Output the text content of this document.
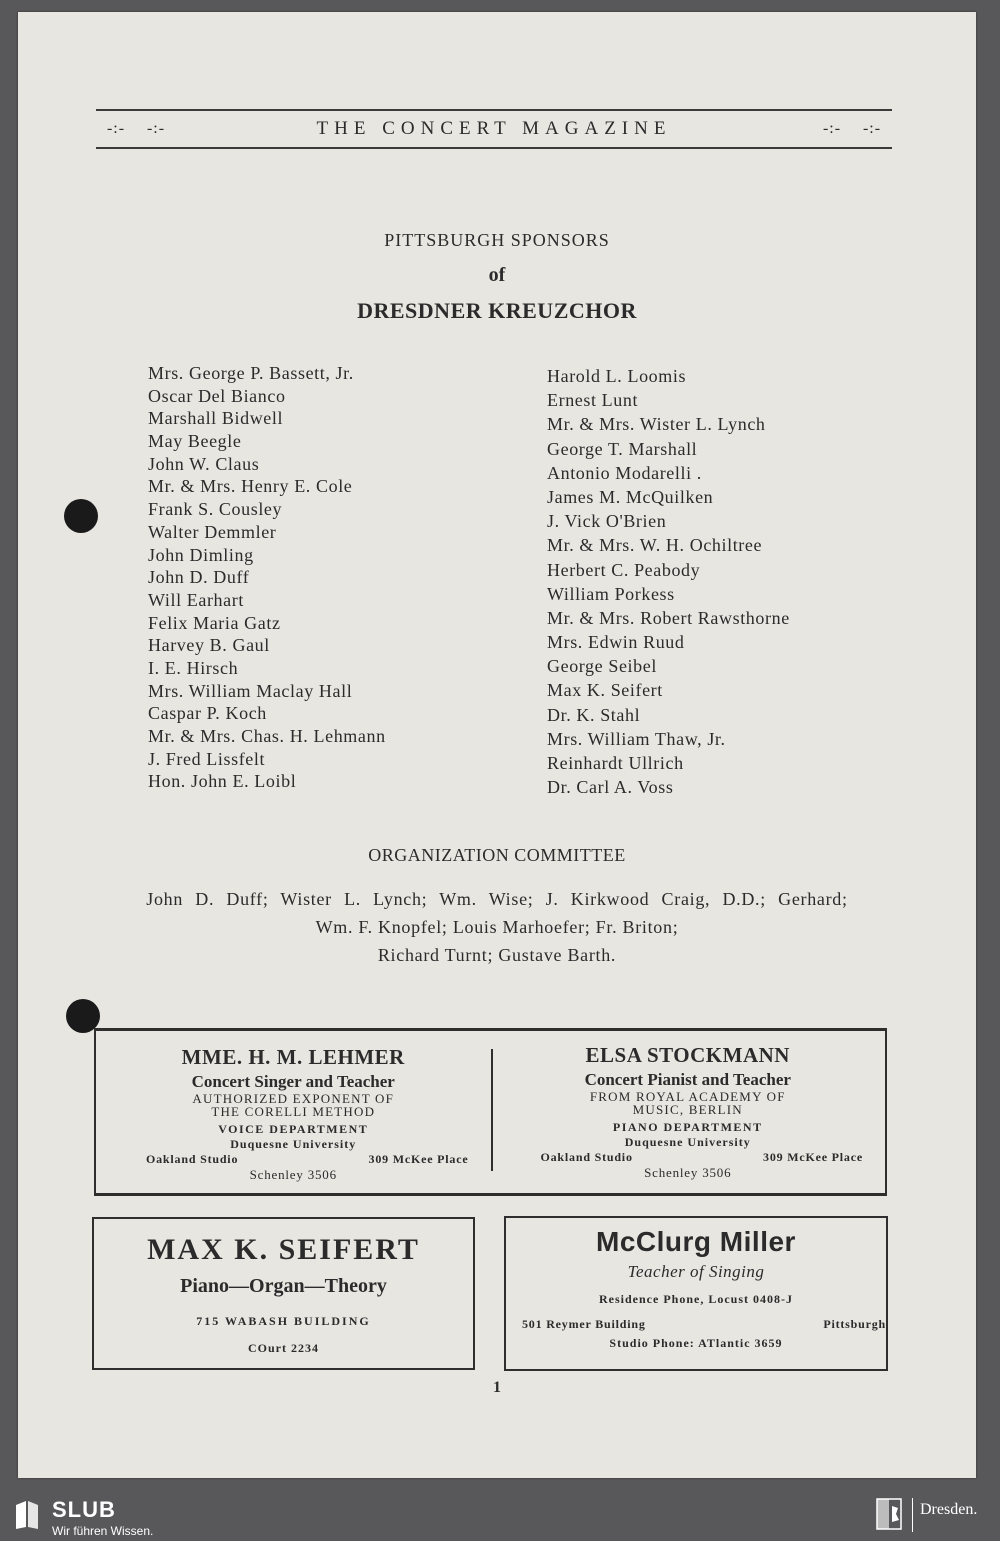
-:-	-:-	THE CONCERT MAGAZINE	-:-	-:-
PITTSBURGH SPONSORS
of
DRESDNER KREUZCHOR
Mrs. George P. Bassett, Jr.
Oscar Del Bianco
Marshall Bidwell
May Beegle
John W. Claus
Mr. & Mrs. Henry E. Cole
Frank S. Cousley
Walter Demmler
John Dimling
John D. Duff
Will Earhart
Felix Maria Gatz
Harvey B. Gaul
I. E. Hirsch
Mrs. William Maclay Hall
Caspar P. Koch
Mr. & Mrs. Chas. H. Lehmann
J. Fred Lissfelt
Hon. John E. Loibl
Harold L. Loomis
Ernest Lunt
Mr. & Mrs. Wister L. Lynch
George T. Marshall
Antonio Modarelli .
James M. McQuilken
J. Vick O'Brien
Mr. & Mrs. W. H. Ochiltree
Herbert C. Peabody
William Porkess
Mr. & Mrs. Robert Rawsthorne
Mrs. Edwin Ruud
George Seibel
Max K. Seifert
Dr. K. Stahl
Mrs. William Thaw, Jr.
Reinhardt Ullrich
Dr. Carl A. Voss
ORGANIZATION COMMITTEE
John D. Duff; Wister L. Lynch; Wm. Wise; J. Kirkwood Craig, D.D.; Gerhard;
Wm. F. Knopfel; Louis Marhoefer; Fr. Briton;
Richard Turnt; Gustave Barth.
MME. H. M. LEHMER
Concert Singer and Teacher
AUTHORIZED EXPONENT OF
THE CORELLI METHOD
VOICE DEPARTMENT
Duquesne University
Oakland Studio	309 McKee Place
Schenley 3506
ELSA STOCKMANN
Concert Pianist and Teacher
FROM ROYAL ACADEMY OF
MUSIC, BERLIN
PIANO DEPARTMENT
Duquesne University
Oakland Studio	309 McKee Place
Schenley 3506
MAX K. SEIFERT
Piano—Organ—Theory
715 WABASH BUILDING
COurt 2234
McClurg Miller
Teacher of Singing
Residence Phone, Locust 0408-J
501 Reymer Building	Pittsburgh
Studio Phone: ATlantic 3659
1
SLUB
Wir führen Wissen.
Dresden.
